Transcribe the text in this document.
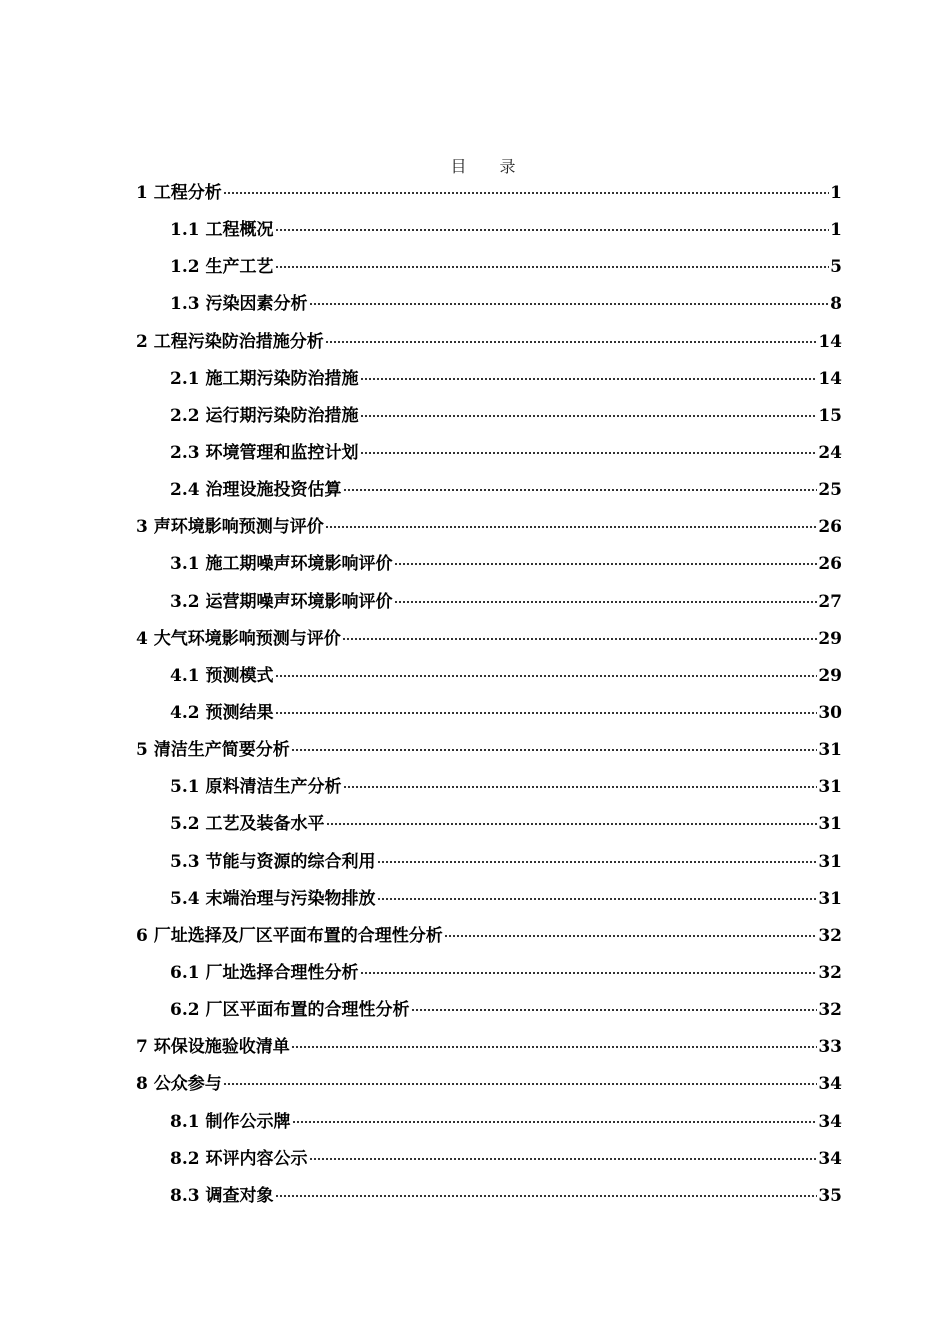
目 录
1 工程分析	1
1.1 工程概况	1
1.2 生产工艺	5
1.3 污染因素分析	8
2 工程污染防治措施分析	14
2.1 施工期污染防治措施	14
2.2 运行期污染防治措施	15
2.3 环境管理和监控计划	24
2.4 治理设施投资估算	25
3 声环境影响预测与评价	26
3.1 施工期噪声环境影响评价	26
3.2 运营期噪声环境影响评价	27
4 大气环境影响预测与评价	29
4.1 预测模式	29
4.2 预测结果	30
5 清洁生产简要分析	31
5.1 原料清洁生产分析	31
5.2 工艺及装备水平	31
5.3 节能与资源的综合利用	31
5.4 末端治理与污染物排放	31
6 厂址选择及厂区平面布置的合理性分析	32
6.1 厂址选择合理性分析	32
6.2 厂区平面布置的合理性分析	32
7 环保设施验收清单	33
8 公众参与	34
8.1 制作公示牌	34
8.2 环评内容公示	34
8.3 调查对象	35
